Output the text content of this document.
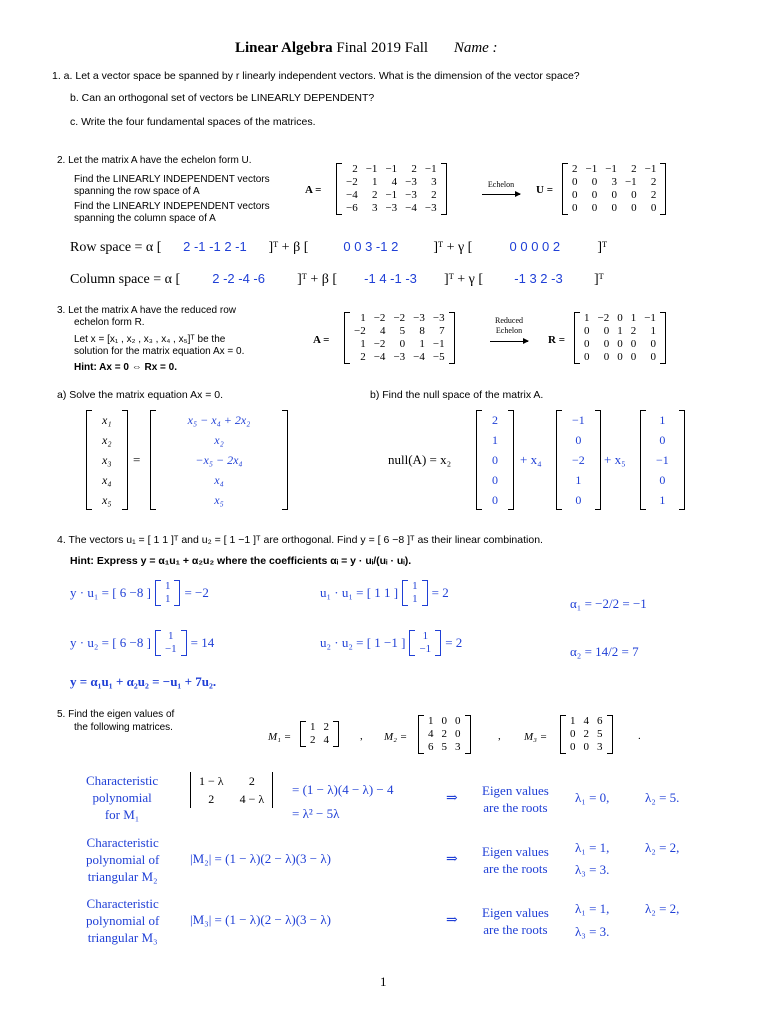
Linear Algebra Final 2019 Fall Name :
1. a. Let a vector space be spanned by r linearly independent vectors. What is the dimension of the vector space?
b. Can an orthogonal set of vectors be LINEARLY DEPENDENT?
c. Write the four fundamental spaces of the matrices.
2. Let the matrix A have the echelon form U.
Find the LINEARLY INDEPENDENT vectors
spanning the row space of A
Find the LINEARLY INDEPENDENT vectors
spanning the column space of A
A =
2	−1	−1	2	−1
−2	1	4	−3	3
−4	2	−1	−3	2
−6	3	−3	−4	−3
Echelon	U =
2	−1	−1	2	−1
0	0	3	−1	2
0	0	0	0	2
0	0	0	0	0
Row space = α [ 2 -1 -1 2 -1 ]ᵀ + β [	0 0 3 -1 2	]ᵀ + γ [	0 0 0 0 2	]ᵀ
Column space = α [ 2 -2 -4 -6 ]ᵀ + β [ -1 4 -1 -3 ]ᵀ + γ [ -1 3 2 -3 ]ᵀ
3. Let the matrix A have the reduced row
echelon form R.
Let x = [x₁ , x₂ , x₃ , x₄ , x₅]ᵀ be the
solution for the matrix equation Ax = 0.
Hint: Ax = 0 ⇔ Rx = 0.
A =
1	−2	−2	−3	−3
−2	4	5	8	7
1	−2	0	1	−1
2	−4	−3	−4	−5
Reduced
Echelon
R =
1	−2	0	1	−1
0	0	1	2	1
0	0	0	0	0
0	0	0	0	0
a) Solve the matrix equation Ax = 0.	b) Find the null space of the matrix A.
x₁
x₂
x₃
x₄
x₅
=
x₅ − x₄ + 2x₂
x₂
−x₅ − 2x₄
x₄
x₅
null(A) = x₂
2
1
0
0
0
+ x₄
−1
0
−2
1
0
+ x₅
1
0
−1
0
1
4. The vectors u₁ = [ 1 1 ]ᵀ and u₂ = [ 1 −1 ]ᵀ are orthogonal. Find y = [ 6 −8 ]ᵀ as their linear combination.
Hint: Express y = α₁u₁ + α₂u₂ where the coefficients αᵢ = y · uᵢ/(uᵢ · uᵢ).
y · u₁ = [ 6 −8 ] 1
1 = −2	u₁ · u₁ = [ 1 1 ] 1
1 = 2
α₁ = −2/2 = −1
y · u₂ = [ 6 −8 ] 1
−1 = 14	u₂ · u₂ = [ 1 −1 ] 1
−1 = 2
α₂ = 14/2 = 7
y = α₁u₁ + α₂u₂ = −u₁ + 7u₂.
5. Find the eigen values of
the following matrices.
M₁ =
1	2
2	4	, M₂ =
1	0	0
4	2	0
6	5	3
, M₃ =
1	4	6
0	2	5
0	0	3
.
Characteristic
polynomial
for M₁
1 − λ	2
2	4 − λ
= (1 − λ)(4 − λ) − 4
= λ² − 5λ
⇒
Eigen values
are the roots
λ₁ = 0,	λ₂ = 5.
Characteristic
polynomial of
triangular M₂
|M₂| = (1 − λ)(2 − λ)(3 − λ)	⇒
Eigen values
are the roots
λ₁ = 1,	λ₂ = 2,
λ₃ = 3.
Characteristic
polynomial of
triangular M₃
|M₃| = (1 − λ)(2 − λ)(3 − λ)	⇒
Eigen values
are the roots
λ₁ = 1,	λ₂ = 2,
λ₃ = 3.
1
